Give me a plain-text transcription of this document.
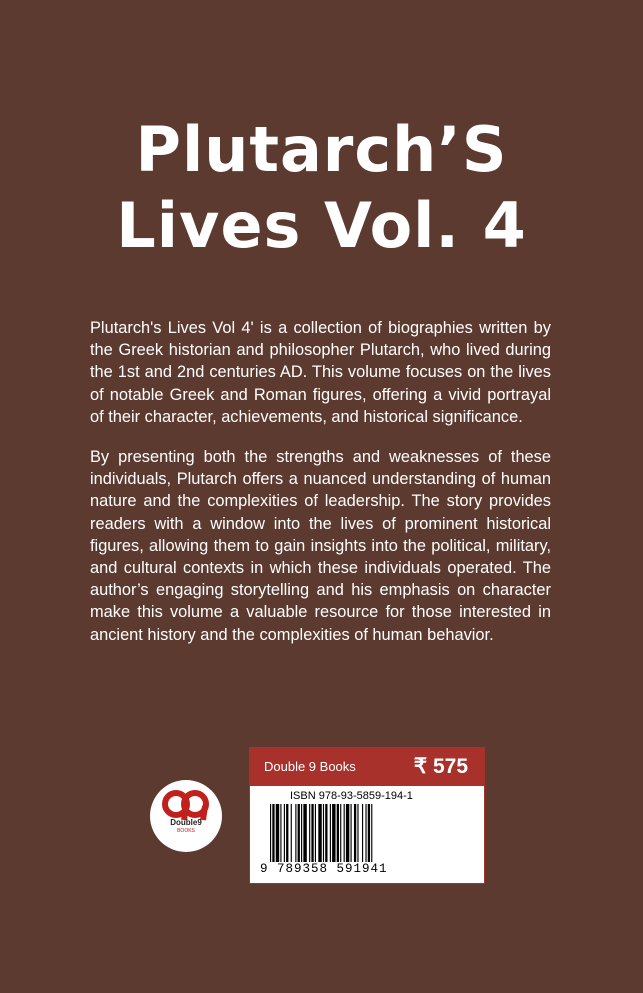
Plutarch’S
Lives Vol. 4

Plutarch's Lives Vol 4' is a collection of biographies written by the Greek historian and philosopher Plutarch, who lived during the 1st and 2nd centuries AD. This volume focuses on the lives of notable Greek and Roman figures, offering a vivid portrayal of their character, achievements, and historical significance.

By presenting both the strengths and weaknesses of these individuals, Plutarch offers a nuanced understanding of human nature and the complexities of leadership. The story provides readers with a window into the lives of prominent historical figures, allowing them to gain insights into the political, military, and cultural contexts in which these individuals operated. The author’s engaging storytelling and his emphasis on character make this volume a valuable resource for those interested in ancient history and the complexities of human behavior.

Double9
BOOKS
Double 9 Books	₹ 575
ISBN 978-93-5859-194-1
9 789358 591941
